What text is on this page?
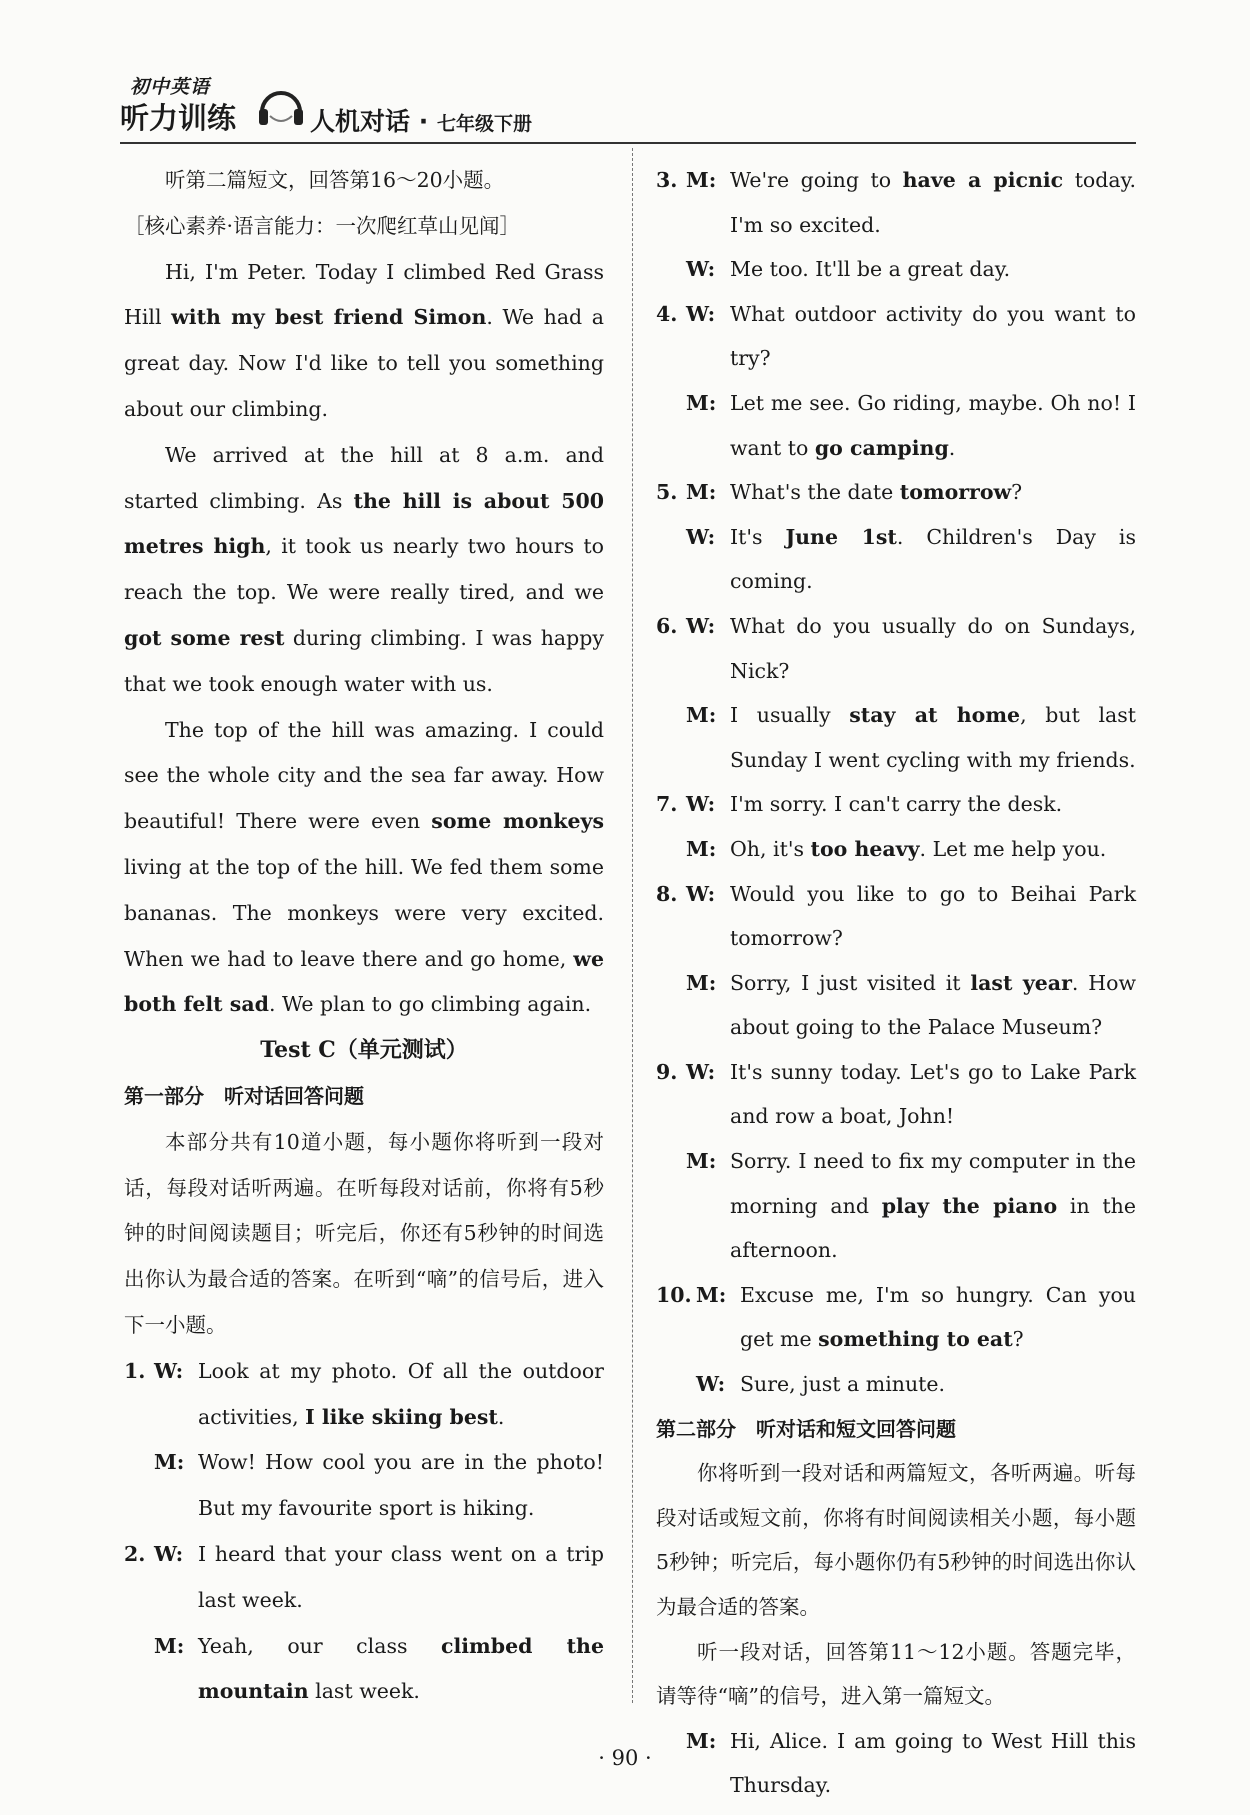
初中英语
听力训练	人机对话 · 七年级下册

听第二篇短文，回答第16～20小题。

［核心素养·语言能力：一次爬红草山见闻］

Hi, I'm Peter. Today I climbed Red Grass Hill with my best friend Simon. We had a great day. Now I'd like to tell you something about our climbing.

We arrived at the hill at 8 a.m. and started climbing. As the hill is about 500 metres high, it took us nearly two hours to reach the top. We were really tired, and we got some rest during climbing. I was happy that we took enough water with us.

The top of the hill was amazing. I could see the whole city and the sea far away. How beautiful! There were even some monkeys living at the top of the hill. We fed them some bananas. The monkeys were very excited. When we had to leave there and go home, we both felt sad. We plan to go climbing again.

Test C（单元测试）

第一部分　听对话回答问题

本部分共有10道小题，每小题你将听到一段对话，每段对话听两遍。在听每段对话前，你将有5秒钟的时间阅读题目；听完后，你还有5秒钟的时间选出你认为最合适的答案。在听到“嘀”的信号后，进入下一小题。

1. W: Look at my photo. Of all the outdoor activities, I like skiing best.
M: Wow! How cool you are in the photo! But my favourite sport is hiking.
2. W: I heard that your class went on a trip last week.
M: Yeah, our class climbed the mountain last week.
3. M: We're going to have a picnic today. I'm so excited.
W: Me too. It'll be a great day.
4. W: What outdoor activity do you want to try?
M: Let me see. Go riding, maybe. Oh no! I want to go camping.
5. M: What's the date tomorrow?
W: It's June 1st. Children's Day is coming.
6. W: What do you usually do on Sundays, Nick?
M: I usually stay at home, but last Sunday I went cycling with my friends.
7. W: I'm sorry. I can't carry the desk.
M: Oh, it's too heavy. Let me help you.
8. W: Would you like to go to Beihai Park tomorrow?
M: Sorry, I just visited it last year. How about going to the Palace Museum?
9. W: It's sunny today. Let's go to Lake Park and row a boat, John!
M: Sorry. I need to fix my computer in the morning and play the piano in the afternoon.
10. M: Excuse me, I'm so hungry. Can you get me something to eat?
W: Sure, just a minute.

第二部分　听对话和短文回答问题

你将听到一段对话和两篇短文，各听两遍。听每段对话或短文前，你将有时间阅读相关小题，每小题5秒钟；听完后，每小题你仍有5秒钟的时间选出你认为最合适的答案。

听一段对话，回答第11～12小题。答题完毕，请等待“嘀”的信号，进入第一篇短文。

M: Hi, Alice. I am going to West Hill this Thursday.
· 90 ·
